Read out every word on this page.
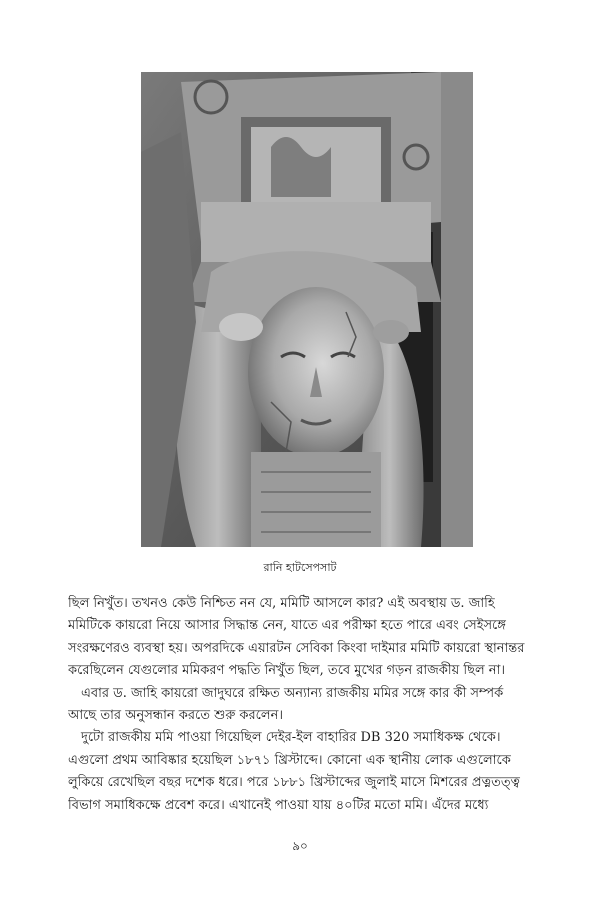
রানি হাটসেপসাট

ছিল নিখুঁত। তখনও কেউ নিশ্চিত নন যে, মমিটি আসলে কার? এই অবস্থায় ড. জাহি
মমিটিকে কায়রো নিয়ে আসার সিদ্ধান্ত নেন, যাতে এর পরীক্ষা হতে পারে এবং সেইসঙ্গে
সংরক্ষণেরও ব্যবস্থা হয়। অপরদিকে এয়ারটন সেবিকা কিংবা দাইমার মমিটি কায়রো স্থানান্তর
করেছিলেন যেগুলোর মমিকরণ পদ্ধতি নিখুঁত ছিল, তবে মুখের গড়ন রাজকীয় ছিল না।

এবার ড. জাহি কায়রো জাদুঘরে রক্ষিত অন্যান্য রাজকীয় মমির সঙ্গে কার কী সম্পর্ক
আছে তার অনুসন্ধান করতে শুরু করলেন।

দুটো রাজকীয় মমি পাওয়া গিয়েছিল দেইর-ইল বাহারির DB 320 সমাধিকক্ষ থেকে।
এগুলো প্রথম আবিষ্কার হয়েছিল ১৮৭১ খ্রিস্টাব্দে। কোনো এক স্থানীয় লোক এগুলোকে
লুকিয়ে রেখেছিল বছর দশেক ধরে। পরে ১৮৮১ খ্রিস্টাব্দের জুলাই মাসে মিশরের প্রত্নতত্ত্ব
বিভাগ সমাধিকক্ষে প্রবেশ করে। এখানেই পাওয়া যায় ৪০টির মতো মমি। এঁদের মধ্যে

৯০
